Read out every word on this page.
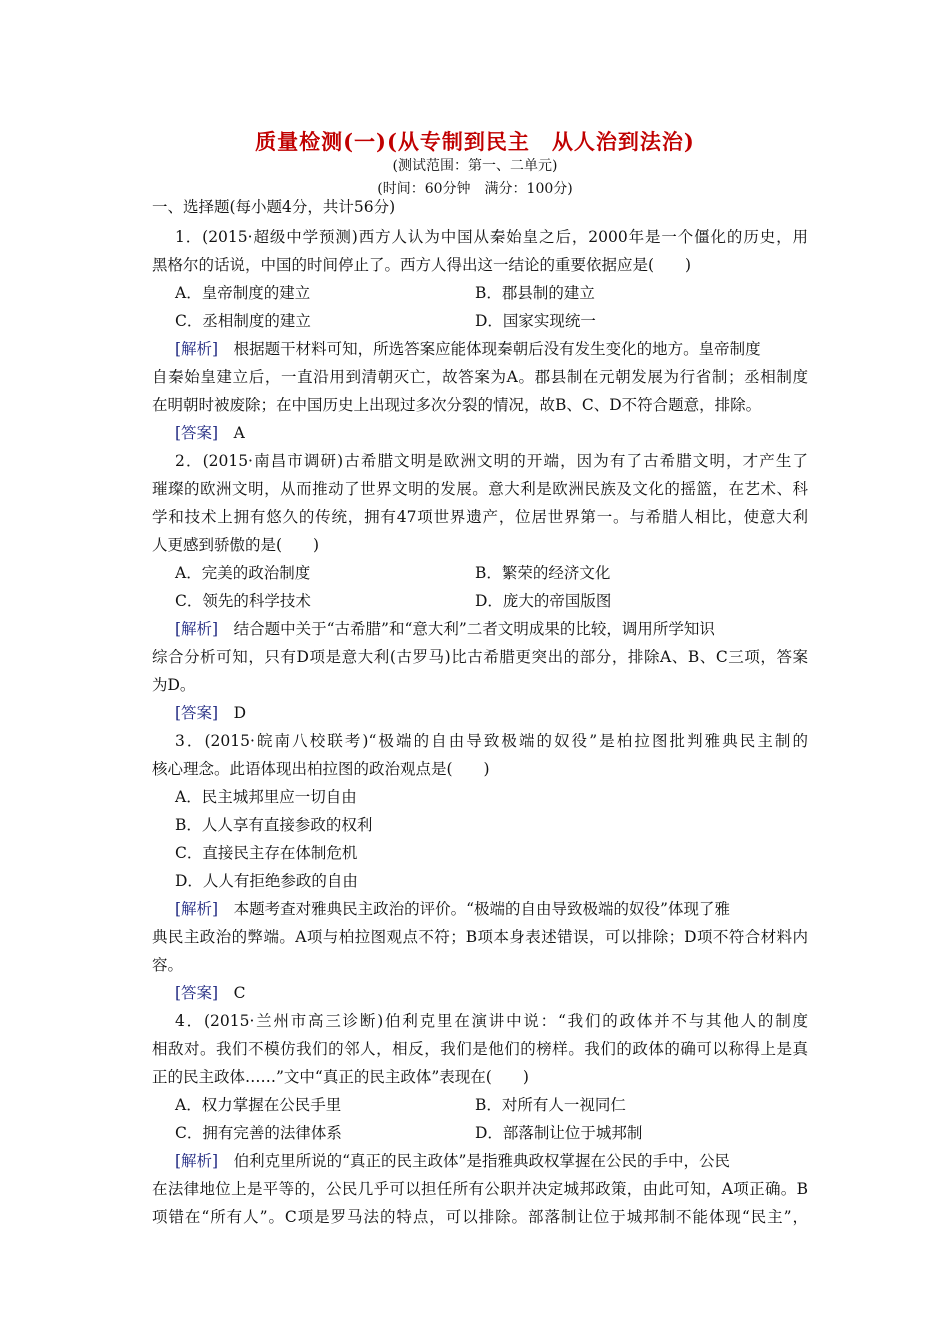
质量检测(一)(从专制到民主　从人治到法治)
(测试范围：第一、二单元)
(时间：60分钟　满分：100分)
一、选择题(每小题4分，共计56分)
1．(2015·超级中学预测)西方人认为中国从秦始皇之后，2000年是一个僵化的历史，用
黑格尔的话说，中国的时间停止了。西方人得出这一结论的重要依据应是(　　)
A．皇帝制度的建立	B．郡县制的建立
C．丞相制度的建立	D．国家实现统一
[解析]　 根据题干材料可知，所选答案应能体现秦朝后没有发生变化的地方。皇帝制度
自秦始皇建立后，一直沿用到清朝灭亡，故答案为A。郡县制在元朝发展为行省制；丞相制度
在明朝时被废除；在中国历史上出现过多次分裂的情况，故B、C、D不符合题意，排除。
[答案]　 A
2．(2015·南昌市调研)古希腊文明是欧洲文明的开端，因为有了古希腊文明，才产生了
璀璨的欧洲文明，从而推动了世界文明的发展。意大利是欧洲民族及文化的摇篮，在艺术、科
学和技术上拥有悠久的传统，拥有47项世界遗产，位居世界第一。与希腊人相比，使意大利
人更感到骄傲的是(　　)
A．完美的政治制度	B．繁荣的经济文化
C．领先的科学技术	D．庞大的帝国版图
[解析]　 结合题中关于“古希腊”和“意大利”二者文明成果的比较，调用所学知识
综合分析可知，只有D项是意大利(古罗马)比古希腊更突出的部分，排除A、B、C三项，答案
为D。
[答案]　 D
3．(2015·皖南八校联考)“极端的自由导致极端的奴役”是柏拉图批判雅典民主制的
核心理念。此语体现出柏拉图的政治观点是(　　)
A．民主城邦里应一切自由
B．人人享有直接参政的权利
C．直接民主存在体制危机
D．人人有拒绝参政的自由
[解析]　 本题考查对雅典民主政治的评价。“极端的自由导致极端的奴役”体现了雅
典民主政治的弊端。A项与柏拉图观点不符；B项本身表述错误，可以排除；D项不符合材料内
容。
[答案]　 C
4．(2015·兰州市高三诊断)伯利克里在演讲中说：“我们的政体并不与其他人的制度
相敌对。我们不模仿我们的邻人，相反，我们是他们的榜样。我们的政体的确可以称得上是真
正的民主政体……”文中“真正的民主政体”表现在(　　)
A．权力掌握在公民手里	B．对所有人一视同仁
C．拥有完善的法律体系	D．部落制让位于城邦制
[解析]　 伯利克里所说的“真正的民主政体”是指雅典政权掌握在公民的手中，公民
在法律地位上是平等的，公民几乎可以担任所有公职并决定城邦政策，由此可知，A项正确。B
项错在“所有人”。C项是罗马法的特点，可以排除。部落制让位于城邦制不能体现“民主”，
